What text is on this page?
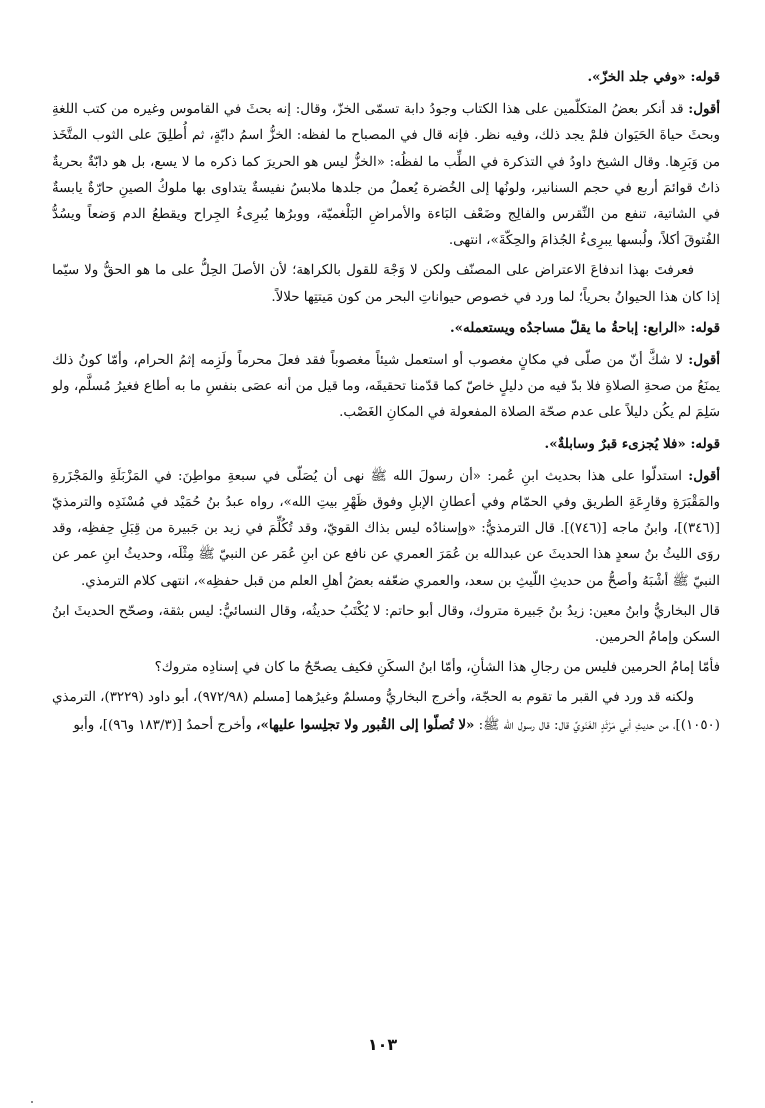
قوله: «وفي جلد الخزّ».

أقول: قد أنكر بعضُ المتكلّمين على هذا الكتاب وجودُ دابة تسمّى الخزّ، وقال: إنه بحثَ في القاموس وغيره من كتب اللغةِ وبحثَ حياةَ الحَيَوان فلمْ يجد ذلك، وفيه نظر. فإنه قال في المصباح ما لفظه: الخزُّ اسمُ دابّةٍ، ثم أُطلِقَ على الثوب المتَّخَذ من وَبَرِها. وقال الشيخ داودُ في التذكرة في الطِّب ما لفظُه: «الخزُّ ليس هو الحريرَ كما ذكره ما لا يسع، بل هو دابّةٌ بحريةٌ ذاتُ قوائمَ أربع في حجم السنانير، ولونُها إلى الخُضرة يُعملُ من جلدها ملابسُ نفيسةٌ يتداوى بها ملوكُ الصينِ حارّةٌ يابسةٌ في الشاتية، تنفع من النِّقرس والفالِج وضَعْف البَاءة والأمراضِ البَلْغميّة، ووبرُها يُبرِىءُ الجِراح ويقطعُ الدم وَضعاً ويسُدُّ الفُتوقَ أكلاً، ولُبسها يبرِىءُ الجُذامَ والحِكّةَ»، انتهى.

فعرفتَ بهذا اندفاعَ الاعتراض على المصنّف ولكن لا وَجْهَ للقول بالكراهة؛ لأن الأصلَ الحِلُّ على ما هو الحقُّ ولا سيّما إذا كان هذا الحيوانُ بحرياً؛ لما ورد في خصوص حيواناتِ البحر من كون مَيتتِها حلالاً.

قوله: «الرابع: إباحةُ ما يقلّ مساجدُه ويستعمله».

أقول: لا شكَّ أنّ من صلّى في مكانٍ مغصوب أو استعمل شيئاً مغصوباً فقد فعلَ محرماً ولَزِمه إثمُ الحرام، وأمّا كونُ ذلك يمنَعُ من صحةِ الصلاةِ فلا بدّ فيه من دليلٍ خاصّ كما قدّمنا تحقيقَه، وما قيل من أنه عصَى بنفسِ ما به أطاع فغيرُ مُسلَّم، ولو سَلِمَ لم يكُن دليلاً على عدم صحّة الصلاة المفعولة في المكانِ الغَصْب.

قوله: «فلا يُجزىء قبرٌ وسابلةٌ».

أقول: استدلّوا على هذا بحديث ابنِ عُمر: «أن رسولَ الله ﷺ نهى أن يُصَلّى في سبعةِ مواطِنَ: في المَزْبَلَةِ والمَجْزَرةِ والمَقْبَرَةِ وقارِعَةِ الطريق وفي الحمّام وفي أعطانِ الإبلِ وفوق ظَهْرِ بيتِ الله»، رواه عبدُ بنُ حُمَيْد في مُسْنَدِه والترمذيّ [(٣٤٦)]، وابنُ ماجه [(٧٤٦)]. قال الترمذيُّ: «وإسنادُه ليس بذاك القويّ، وقد تُكُلِّمَ في زيد بن جَبيرة من قِبَلِ حِفظِه، وقد روَى الليثُ بنُ سعدٍ هذا الحديثَ عن عبدالله بن عُمَرَ العمري عن نافع عن ابنِ عُمَر عن النبيّ ﷺ مِثْلَه، وحديثُ ابنِ عمر عن النبيّ ﷺ أشْبَهُ وأصحُّ من حديثِ اللّيثِ بن سعد، والعمري ضعّفه بعضُ أهلِ العلم من قبل حفظِه»، انتهى كلام الترمذي.

قال البخاريُّ وابنُ معين: زيدُ بنُ جَبيرة متروك، وقال أبو حاتم: لا يُكْتَبُ حديثُه، وقال النسائيُّ: ليس بثقة، وصحّح الحديثَ ابنُ السكن وإمامُ الحرمين.

فأمّا إمامُ الحرمين فليس من رجالِ هذا الشأنِ، وأمّا ابنُ السكَنِ فكيف يصحّحُ ما كان في إسنادِه متروك؟

ولكنه قد ورد في القبر ما تقوم به الحجّة، وأخرج البخاريُّ ومسلمٌ وغيرُهما [مسلم (٩٧٢/٩٨)، أبو داود (٣٢٢٩)، الترمذي (١٠٥٠)]، من حديثِ أبي مَرْثَدٍ الغَنَويِّ قال: قال رسول الله ﷺ: «لا تُصلّوا إلى القُبور ولا تجلِسوا عليها»، وأخرج أحمدُ [(١٨٣/٣ و٩٦)]، وأبو

١٠٣
